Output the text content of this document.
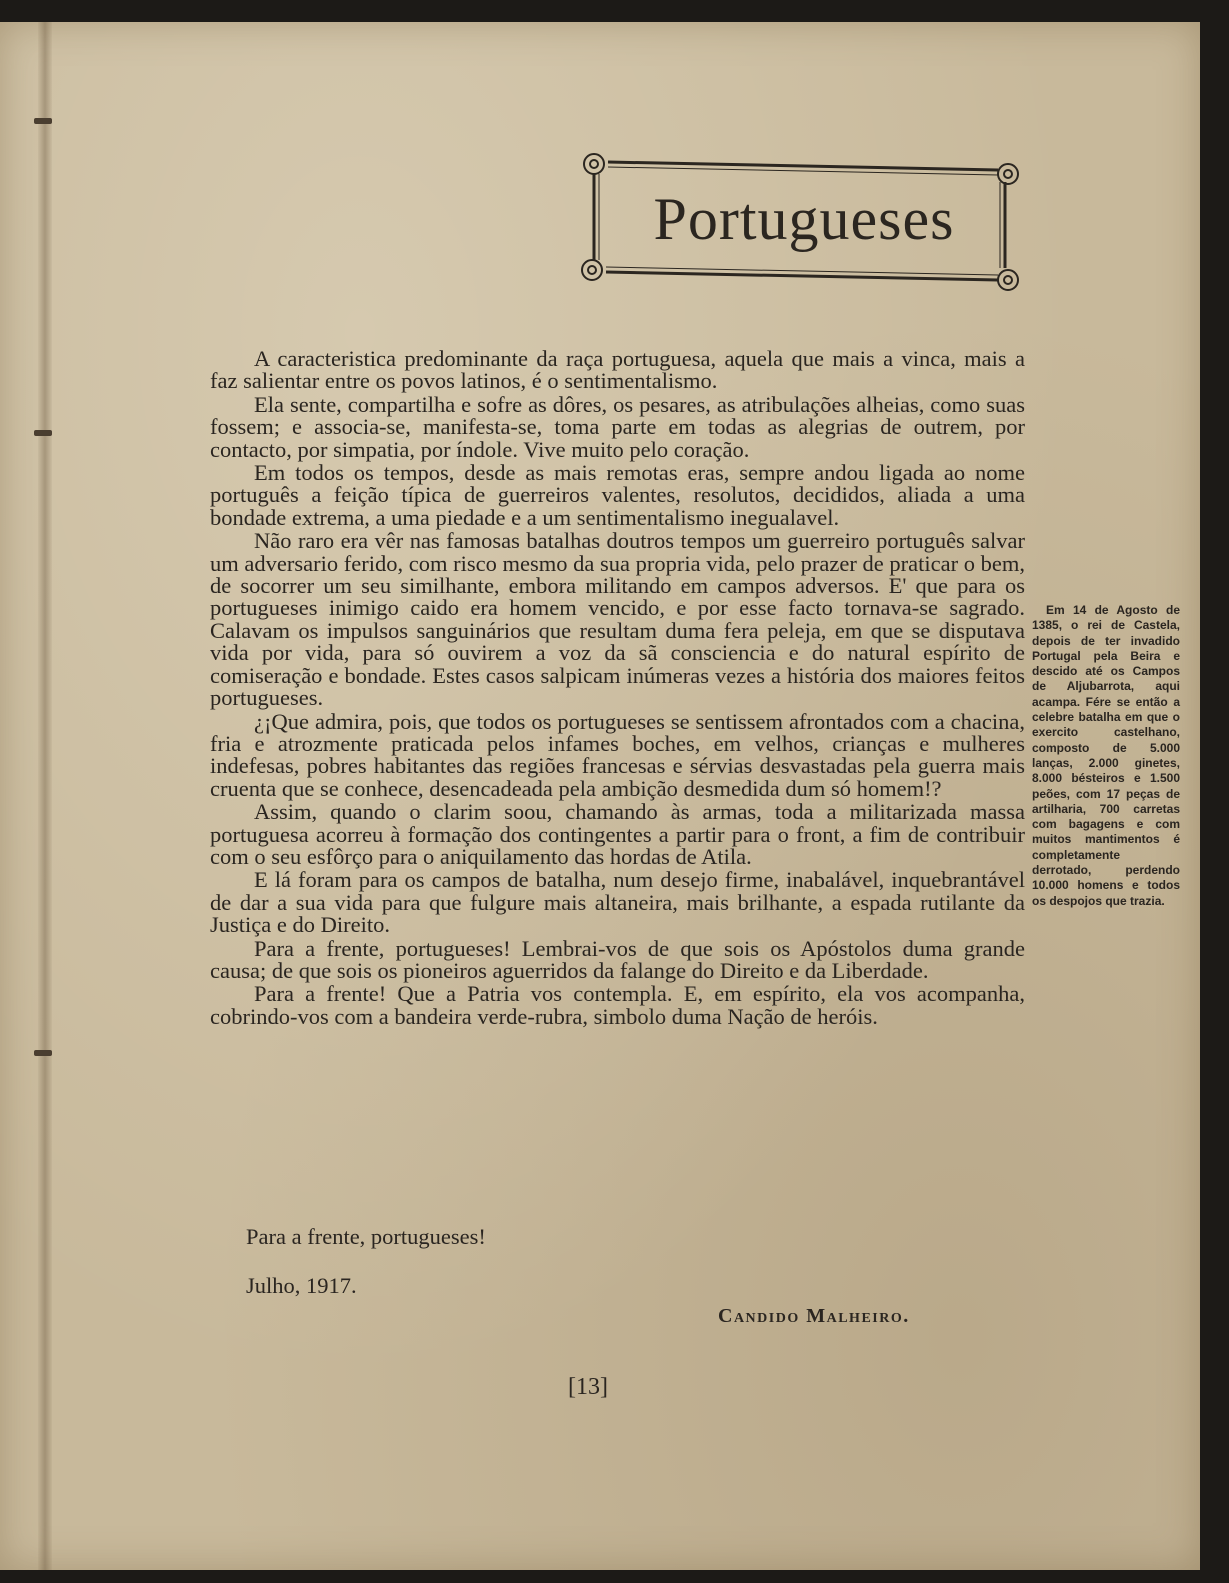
Portugueses

A caracteristica predominante da raça portuguesa, aquela que mais a vinca, mais a faz salientar entre os povos latinos, é o sentimentalismo.

Ela sente, compartilha e sofre as dôres, os pesares, as atribulações alheias, como suas fossem; e associa-se, manifesta-se, toma parte em todas as alegrias de outrem, por contacto, por simpatia, por índole. Vive muito pelo coração.

Em todos os tempos, desde as mais remotas eras, sempre andou ligada ao nome português a feição típica de guerreiros valentes, resolutos, decididos, aliada a uma bondade extrema, a uma piedade e a um sentimentalismo inegualavel.

Não raro era vêr nas famosas batalhas doutros tempos um guerreiro português salvar um adversario ferido, com risco mesmo da sua propria vida, pelo prazer de praticar o bem, de socorrer um seu similhante, embora militando em campos adversos. E' que para os portugueses inimigo caido era homem vencido, e por esse facto tornava-se sagrado. Calavam os impulsos sanguinários que resultam duma fera peleja, em que se disputava vida por vida, para só ouvirem a voz da sã consciencia e do natural espírito de comiseração e bondade. Estes casos salpicam inúmeras vezes a história dos maiores feitos portugueses.

¿¡Que admira, pois, que todos os portugueses se sentissem afrontados com a chacina, fria e atrozmente praticada pelos infames boches, em velhos, crianças e mulheres indefesas, pobres habitantes das regiões francesas e sérvias desvastadas pela guerra mais cruenta que se conhece, desencadeada pela ambição desmedida dum só homem!?

Assim, quando o clarim soou, chamando às armas, toda a militarizada massa portuguesa acorreu à formação dos contingentes a partir para o front, a fim de contribuir com o seu esfôrço para o aniquilamento das hordas de Atila.

E lá foram para os campos de batalha, num desejo firme, inabalável, inquebrantável de dar a sua vida para que fulgure mais altaneira, mais brilhante, a espada rutilante da Justiça e do Direito.

Para a frente, portugueses! Lembrai-vos de que sois os Apóstolos duma grande causa; de que sois os pioneiros aguerridos da falange do Direito e da Liberdade.

Para a frente! Que a Patria vos contempla. E, em espírito, ela vos acompanha, cobrindo-vos com a bandeira verde-rubra, simbolo duma Nação de heróis.

Para a frente, portugueses!
Julho, 1917.
Candido Malheiro.
[13]

Em 14 de Agosto de 1385, o rei de Castela, depois de ter invadido Portugal pela Beira e descido até os Campos de Aljubarrota, aqui acampa. Fére se então a celebre batalha em que o exercito castelhano, composto de 5.000 lanças, 2.000 ginetes, 8.000 bésteiros e 1.500 peões, com 17 peças de artilharia, 700 carretas com bagagens e com muitos mantimentos é completamente derrotado, perdendo 10.000 homens e todos os despojos que trazia.
